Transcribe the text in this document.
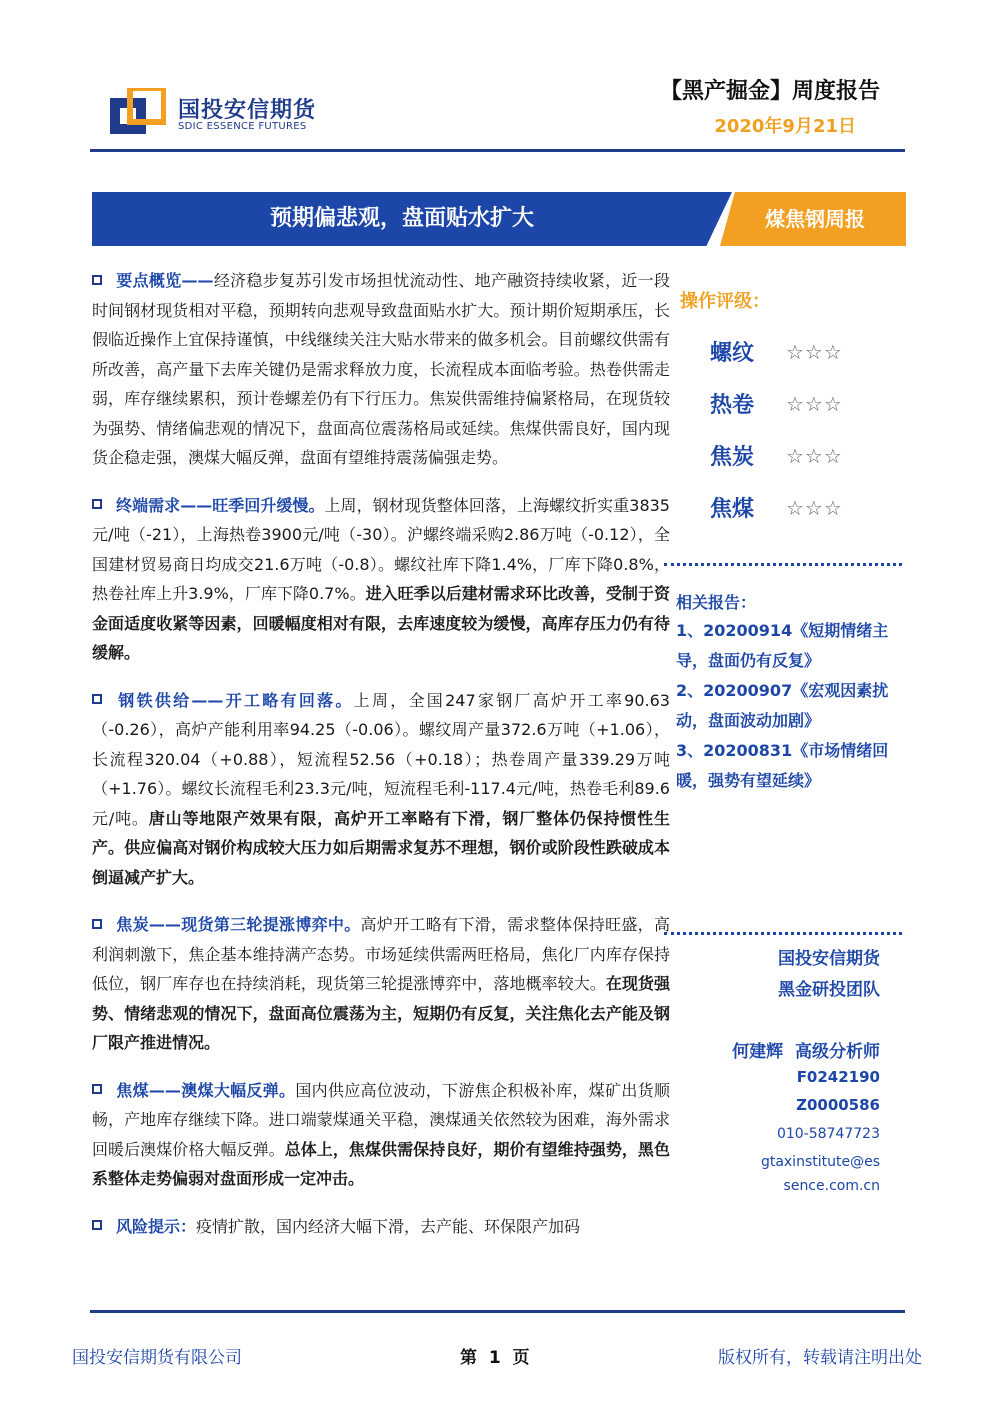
国投安信期货
SDIC ESSENCE FUTURES
【黑产掘金】周度报告
2020年9月21日
预期偏悲观，盘面贴水扩大	煤焦钢周报
要点概览——经济稳步复苏引发市场担忧流动性、地产融资持续收紧，近一段时间钢材现货相对平稳，预期转向悲观导致盘面贴水扩大。预计期价短期承压，长假临近操作上宜保持谨慎，中线继续关注大贴水带来的做多机会。目前螺纹供需有所改善，高产量下去库关键仍是需求释放力度，长流程成本面临考验。热卷供需走弱，库存继续累积，预计卷螺差仍有下行压力。焦炭供需维持偏紧格局，在现货较为强势、情绪偏悲观的情况下，盘面高位震荡格局或延续。焦煤供需良好，国内现货企稳走强，澳煤大幅反弹，盘面有望维持震荡偏强走势。
终端需求——旺季回升缓慢。上周，钢材现货整体回落，上海螺纹折实重3835元/吨（-21），上海热卷3900元/吨（-30）。沪螺终端采购2.86万吨（-0.12），全国建材贸易商日均成交21.6万吨（-0.8）。螺纹社库下降1.4%，厂库下降0.8%，热卷社库上升3.9%，厂库下降0.7%。进入旺季以后建材需求环比改善，受制于资金面适度收紧等因素，回暖幅度相对有限，去库速度较为缓慢，高库存压力仍有待缓解。
钢铁供给——开工略有回落。上周，全国247家钢厂高炉开工率90.63（-0.26），高炉产能利用率94.25（-0.06）。螺纹周产量372.6万吨（+1.06），长流程320.04（+0.88），短流程52.56（+0.18）；热卷周产量339.29万吨（+1.76）。螺纹长流程毛利23.3元/吨，短流程毛利-117.4元/吨，热卷毛利89.6元/吨。唐山等地限产效果有限，高炉开工率略有下滑，钢厂整体仍保持惯性生产。供应偏高对钢价构成较大压力如后期需求复苏不理想，钢价或阶段性跌破成本倒逼减产扩大。
焦炭——现货第三轮提涨博弈中。高炉开工略有下滑，需求整体保持旺盛，高利润刺激下，焦企基本维持满产态势。市场延续供需两旺格局，焦化厂内库存保持低位，钢厂库存也在持续消耗，现货第三轮提涨博弈中，落地概率较大。在现货强势、情绪悲观的情况下，盘面高位震荡为主，短期仍有反复，关注焦化去产能及钢厂限产推进情况。
焦煤——澳煤大幅反弹。国内供应高位波动，下游焦企积极补库，煤矿出货顺畅，产地库存继续下降。进口端蒙煤通关平稳，澳煤通关依然较为困难，海外需求回暖后澳煤价格大幅反弹。总体上，焦煤供需保持良好，期价有望维持强势，黑色系整体走势偏弱对盘面形成一定冲击。
风险提示：疫情扩散，国内经济大幅下滑，去产能、环保限产加码
操作评级：
螺纹 ☆☆☆
热卷 ☆☆☆
焦炭 ☆☆☆
焦煤 ☆☆☆
相关报告：
1、20200914《短期情绪主导，盘面仍有反复》
2、20200907《宏观因素扰动，盘面波动加剧》
3、20200831《市场情绪回暖，强势有望延续》
国投安信期货
黑金研投团队
何建辉  高级分析师
F0242190
Z0000586
010-58747723
gtaxinstitute@essence.com.cn
国投安信期货有限公司	第  1  页	版权所有，转载请注明出处
